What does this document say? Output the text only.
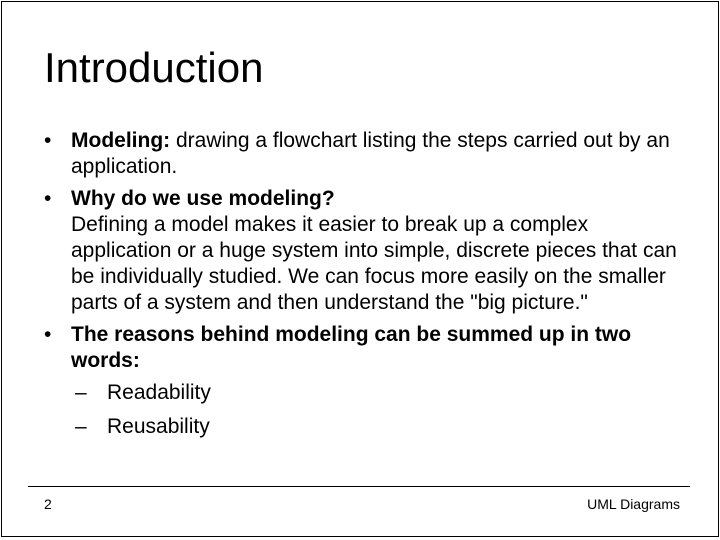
Introduction
• Modeling: drawing a flowchart listing the steps carried out by an application.
• Why do we use modeling?
Defining a model makes it easier to break up a complex application or a huge system into simple, discrete pieces that can be individually studied. We can focus more easily on the smaller parts of a system and then understand the "big picture."
• The reasons behind modeling can be summed up in two words:
– Readability
– Reusability
2	UML Diagrams
